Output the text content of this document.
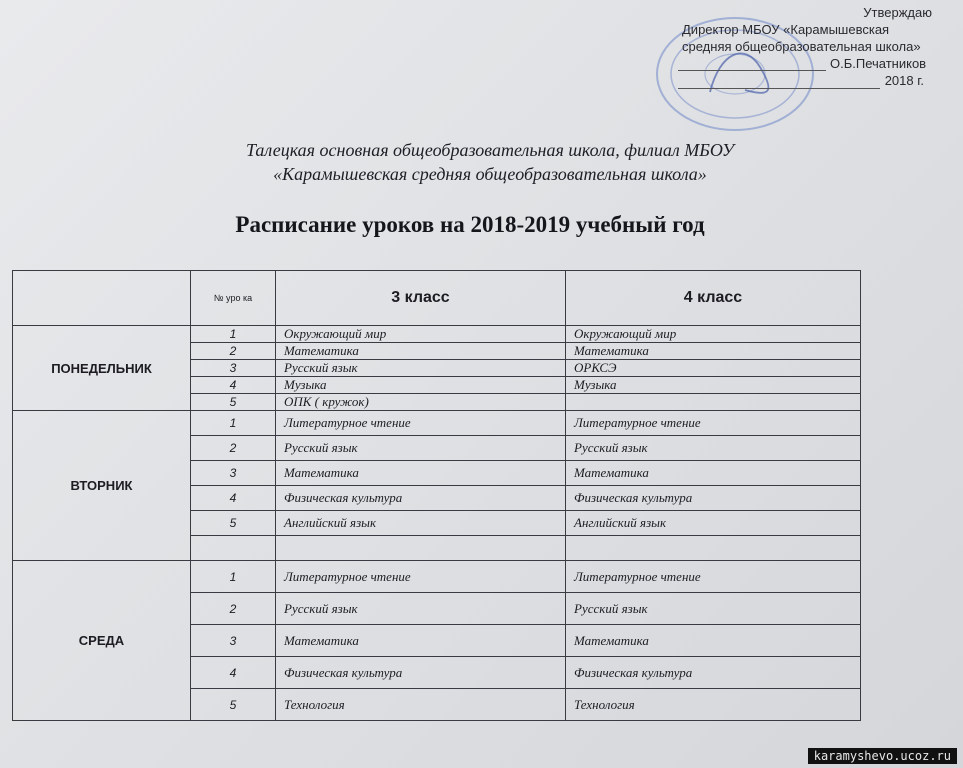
Утверждаю
Директор МБОУ «Карамышевская
средняя общеобразовательная школа»
О.Б.Печатников
2018 г.
Талецкая основная общеобразовательная школа, филиал МБОУ
«Карамышевская средняя общеобразовательная школа»
Расписание уроков на 2018-2019 учебный год
	№ уро ка	3 класс	4 класс
ПОНЕДЕЛЬНИК	1	Окружающий мир	Окружающий мир
	2	Математика	Математика
	3	Русский язык	ОРКСЭ
	4	Музыка	Музыка
	5	ОПК ( кружок)	
ВТОРНИК	1	Литературное чтение	Литературное чтение
	2	Русский язык	Русский язык
	3	Математика	Математика
	4	Физическая культура	Физическая культура
	5	Английский язык	Английский язык

СРЕДА	1	Литературное чтение	Литературное чтение
	2	Русский язык	Русский язык
	3	Математика	Математика
	4	Физическая культура	Физическая культура
	5	Технология	Технология
karamyshevo.ucoz.ru
